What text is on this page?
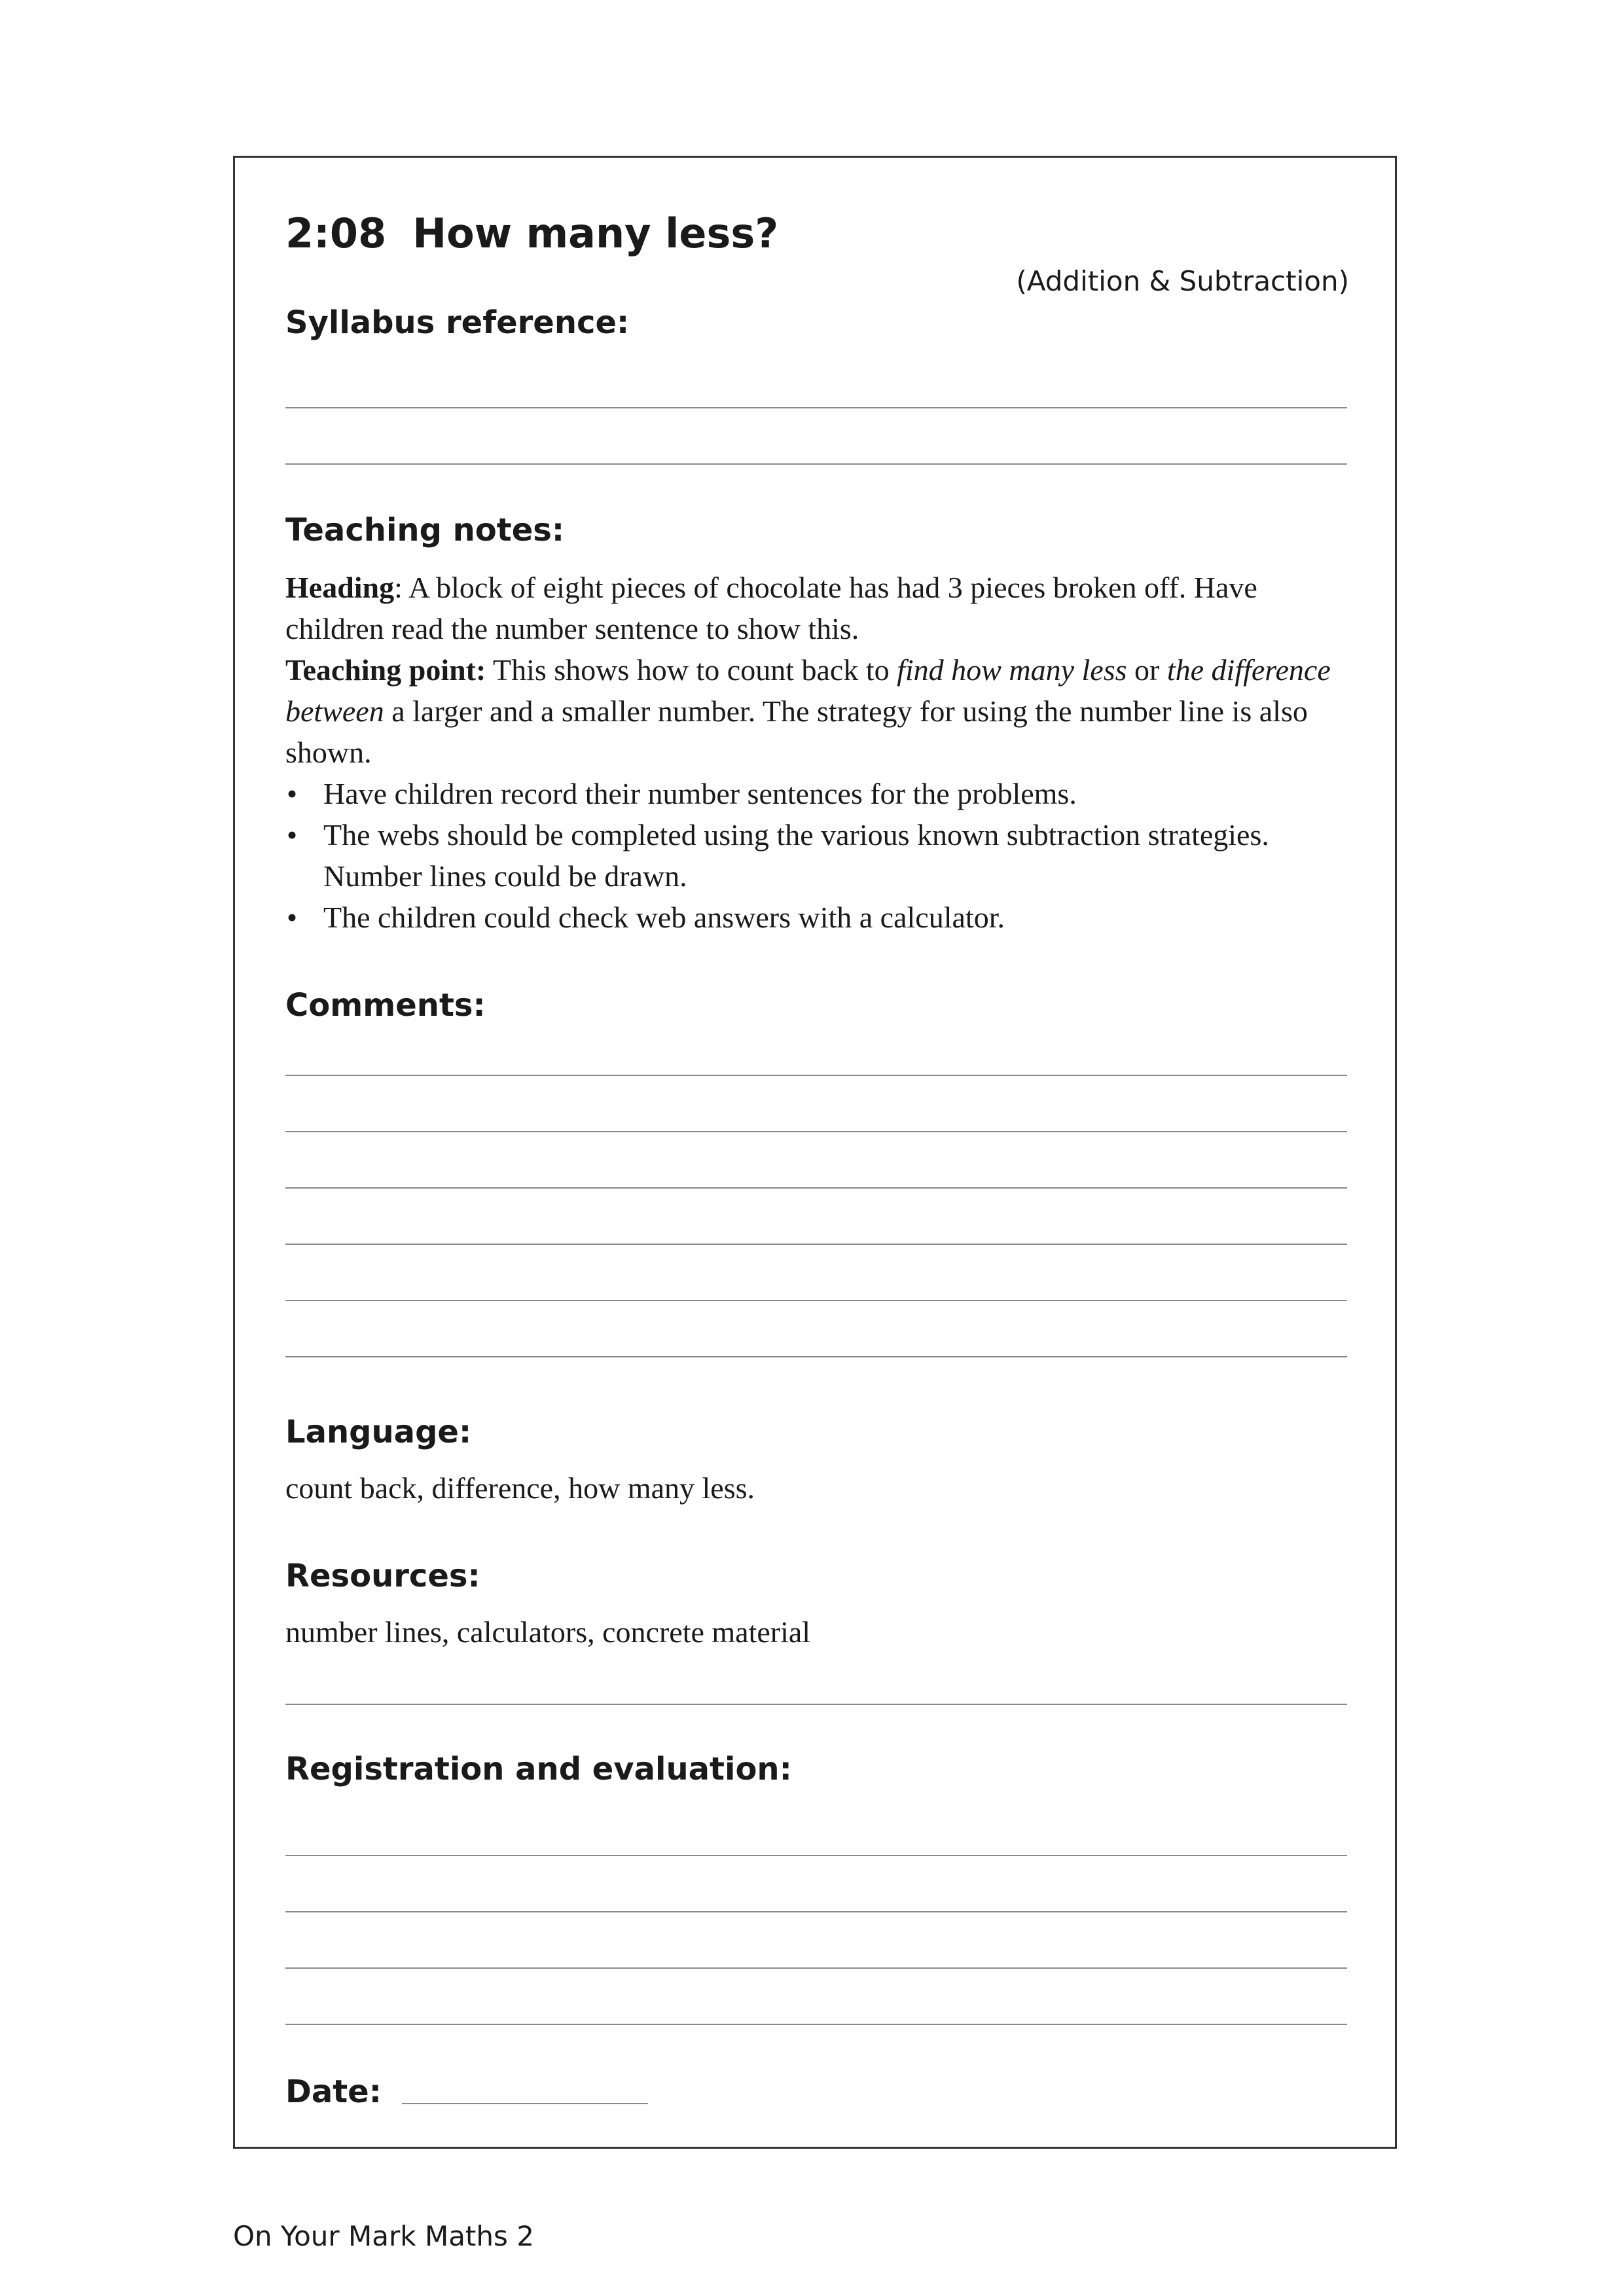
2:08 How many less?
(Addition & Subtraction)
Syllabus reference:
Teaching notes:

Heading: A block of eight pieces of chocolate has had 3 pieces broken off. Have children read the number sentence to show this.

Teaching point: This shows how to count back to find how many less or the difference between a larger and a smaller number. The strategy for using the number line is also shown.

• Have children record their number sentences for the problems.
• The webs should be completed using the various known subtraction strategies. Number lines could be drawn.
• The children could check web answers with a calculator.
Comments:
Language:
count back, difference, how many less.
Resources:
number lines, calculators, concrete material
Registration and evaluation:
Date:
On Your Mark Maths 2
